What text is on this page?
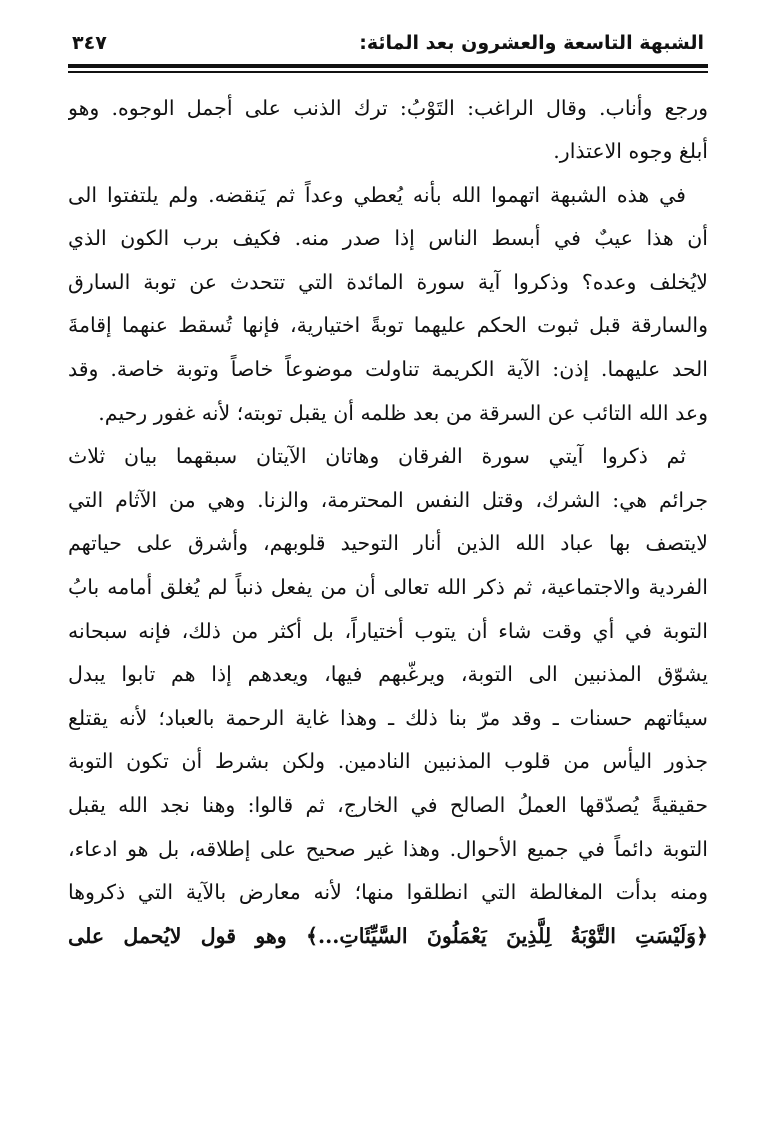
الشبهة التاسعة والعشرون بعد المائة:
٣٤٧
ورجع وأناب. وقال الراغب: التَوْبُ: ترك الذنب على أجمل الوجوه. وهو
أبلغ وجوه الاعتذار.
في هذه الشبهة اتهموا الله بأنه يُعطي وعداً ثم يَنقضه. ولم يلتفتوا الى
أن هذا عيبٌ في أبسط الناس إذا صدر منه. فكيف برب الكون الذي
لايُخلف وعده؟ وذكروا آية سورة المائدة التي تتحدث عن توبة السارق
والسارقة قبل ثبوت الحكم عليهما توبةً اختيارية، فإنها تُسقط عنهما إقامةَ
الحد عليهما. إذن: الآية الكريمة تناولت موضوعاً خاصاً وتوبة خاصة. وقد
وعد الله التائب عن السرقة من بعد ظلمه أن يقبل توبته؛ لأنه غفور رحيم.
ثم ذكروا آيتي سورة الفرقان وهاتان الآيتان سبقهما بيان ثلاث
جرائم هي: الشرك، وقتل النفس المحترمة، والزنا. وهي من الآثام التي
لايتصف بها عباد الله الذين أنار التوحيد قلوبهم، وأشرق على حياتهم
الفردية والاجتماعية، ثم ذكر الله تعالى أن من يفعل ذنباً لم يُغلق أمامه بابُ
التوبة في أي وقت شاء أن يتوب أختياراً، بل أكثر من ذلك، فإنه سبحانه
يشوّق المذنبين الى التوبة، ويرغّبهم فيها، ويعدهم إذا هم تابوا يبدل
سيئاتهم حسنات ـ وقد مرّ بنا ذلك ـ وهذا غاية الرحمة بالعباد؛ لأنه يقتلع
جذور اليأس من قلوب المذنبين النادمين. ولكن بشرط أن تكون التوبة
حقيقيةً يُصدّقها العملُ الصالح في الخارج، ثم قالوا: وهنا نجد الله يقبل
التوبة دائماً في جميع الأحوال. وهذا غير صحيح على إطلاقه، بل هو ادعاء،
ومنه بدأت المغالطة التي انطلقوا منها؛ لأنه معارض بالآية التي ذكروها
﴿وَلَيْسَتِ التَّوْبَةُ لِلَّذِينَ يَعْمَلُونَ السَّيِّئَاتِ...﴾ وهو قول لايُحمل على
